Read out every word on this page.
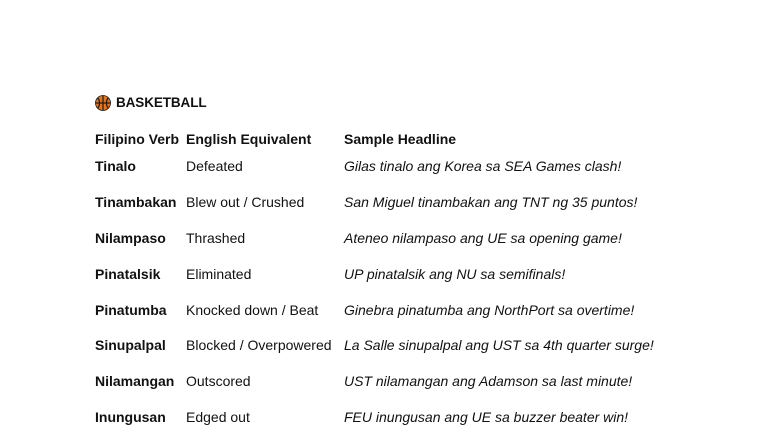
BASKETBALL
Filipino Verb	English Equivalent	Sample Headline
Tinalo	Defeated	Gilas tinalo ang Korea sa SEA Games clash!
Tinambakan	Blew out / Crushed	San Miguel tinambakan ang TNT ng 35 puntos!
Nilampaso	Thrashed	Ateneo nilampaso ang UE sa opening game!
Pinatalsik	Eliminated	UP pinatalsik ang NU sa semifinals!
Pinatumba	Knocked down / Beat	Ginebra pinatumba ang NorthPort sa overtime!
Sinupalpal	Blocked / Overpowered	La Salle sinupalpal ang UST sa 4th quarter surge!
Nilamangan	Outscored	UST nilamangan ang Adamson sa last minute!
Inungusan	Edged out	FEU inungusan ang UE sa buzzer beater win!
